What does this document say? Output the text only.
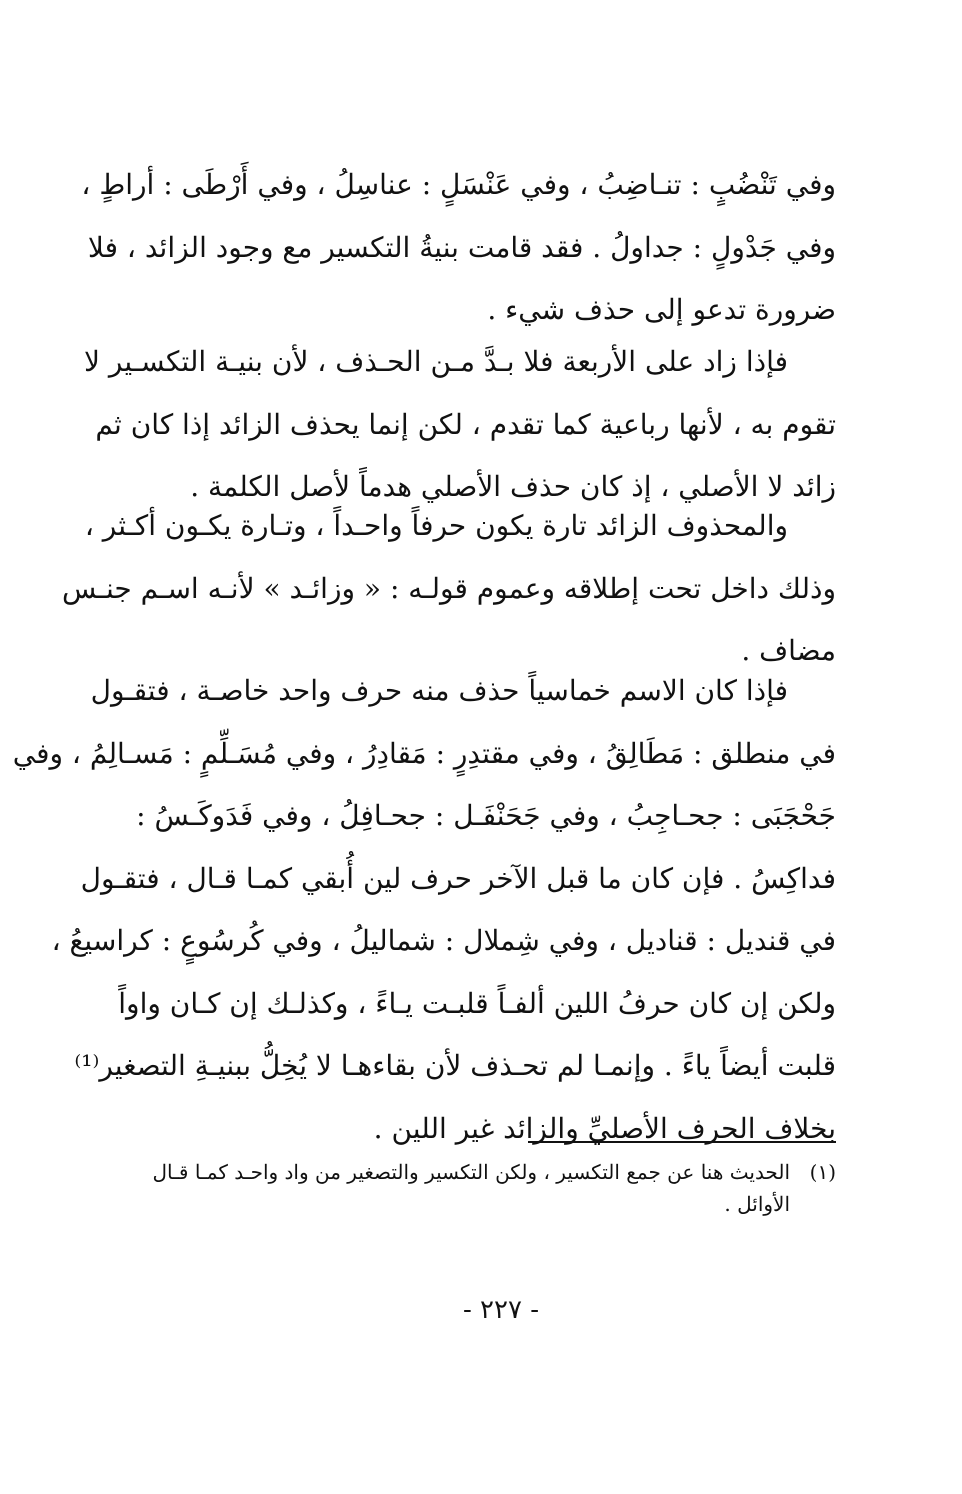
وفي تَنْضُبٍ : تنـاضِبُ ، وفي عَنْسَلٍ : عناسِلُ ، وفي أَرْطَى : أراطٍ ،
وفي جَدْولٍ : جداولُ . فقد قامت بنيةُ التكسير مع وجود الزائد ، فلا
ضرورة تدعو إلى حذف شيء .
فإذا زاد على الأربعة فلا بـدَّ مـن الحـذف ، لأن بنيـة التكسـير لا
تقوم به ، لأنها رباعية كما تقدم ، لكن إنما يحذف الزائد إذا كان ثم
زائد لا الأصلي ، إذ كان حذف الأصلي هدماً لأصل الكلمة .
والمحذوف الزائد تارة يكون حرفاً واحـداً ، وتـارة يكـون أكـثر ،
وذلك داخل تحت إطلاقه وعموم قولـه : « وزائـد » لأنـه اسـم جنـس
مضاف .
فإذا كان الاسم خماسياً حذف منه حرف واحد خاصـة ، فتقـول
في منطلق : مَطَالِقُ ، وفي مقتدِرٍ : مَقادِرُ ، وفي مُسَـلِّمٍ : مَسـالِمُ ، وفي
جَحْجَبَى : جحـاجِبُ ، وفي جَحَنْفَـل : جحـافِلُ ، وفي فَدَوكَـسُ :
فداكِسُ . فإن كان ما قبل الآخر حرف لين أُبقي كمـا قـال ، فتقـول
في قنديل : قناديل ، وفي شِملال : شماليلُ ، وفي كُرسُوعٍ : كراسيعُ ،
ولكن إن كان حرفُ اللين ألفـاً قلبـت يـاءً ، وكذلـك إن كـان واواً
قلبت أيضاً ياءً . وإنمـا لم تحـذف لأن بقاءهـا لا يُخِلُّ ببنيـةِ التصغير⁽¹⁾
بخلاف الحرف الأصليِّ والزائد غير اللين .
(١)
الحديث هنا عن جمع التكسير ، ولكن التكسير والتصغير من واد واحـد كمـا قـال
الأوائل .
- ٢٢٧ -
